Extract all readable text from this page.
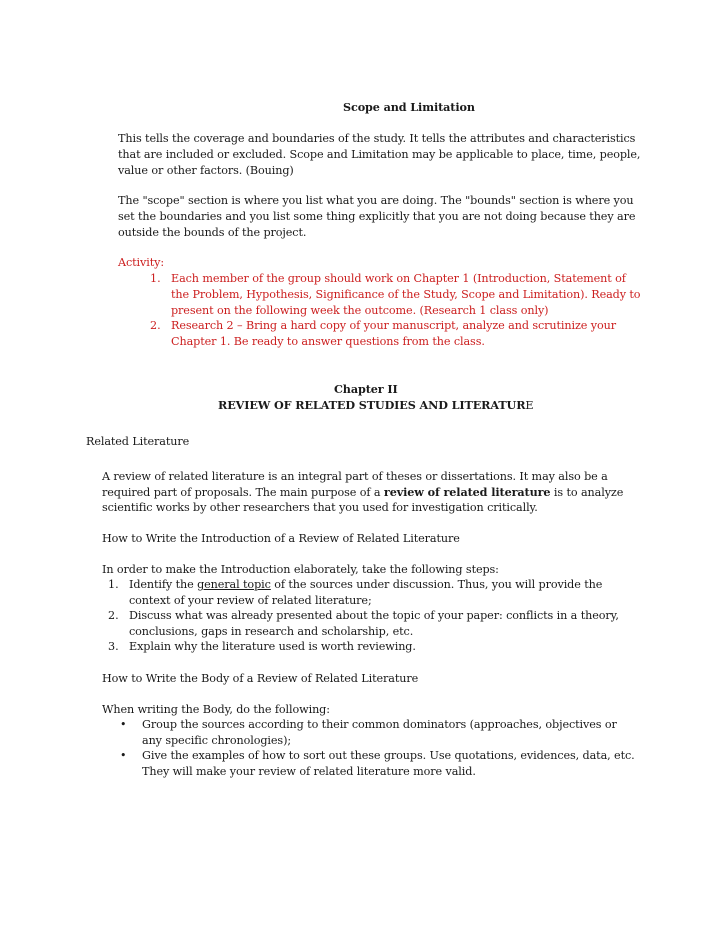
Scope and Limitation
This tells the coverage and boundaries of the study. It tells the attributes and characteristics
that are included or excluded. Scope and Limitation may be applicable to place, time, people,
value or other factors. (Bouing)
The "scope" section is where you list what you are doing. The "bounds" section is where you
set the boundaries and you list some thing explicitly that you are not doing because they are
outside the bounds of the project.
Activity:
1. Each member of the group should work on Chapter 1 (Introduction, Statement of
the Problem, Hypothesis, Significance of the Study, Scope and Limitation). Ready to
present on the following week the outcome. (Research 1 class only)
2. Research 2 – Bring a hard copy of your manuscript, analyze and scrutinize your
Chapter 1. Be ready to answer questions from the class.
Chapter II
REVIEW OF RELATED STUDIES AND LITERATURE
Related Literature
A review of related literature is an integral part of theses or dissertations. It may also be a
required part of proposals. The main purpose of a review of related literature is to analyze
scientific works by other researchers that you used for investigation critically.
How to Write the Introduction of a Review of Related Literature
In order to make the Introduction elaborately, take the following steps:
1. Identify the general topic of the sources under discussion. Thus, you will provide the
context of your review of related literature;
2. Discuss what was already presented about the topic of your paper: conflicts in a theory,
conclusions, gaps in research and scholarship, etc.
3. Explain why the literature used is worth reviewing.
How to Write the Body of a Review of Related Literature
When writing the Body, do the following:
• Group the sources according to their common dominators (approaches, objectives or
any specific chronologies);
• Give the examples of how to sort out these groups. Use quotations, evidences, data, etc.
They will make your review of related literature more valid.
